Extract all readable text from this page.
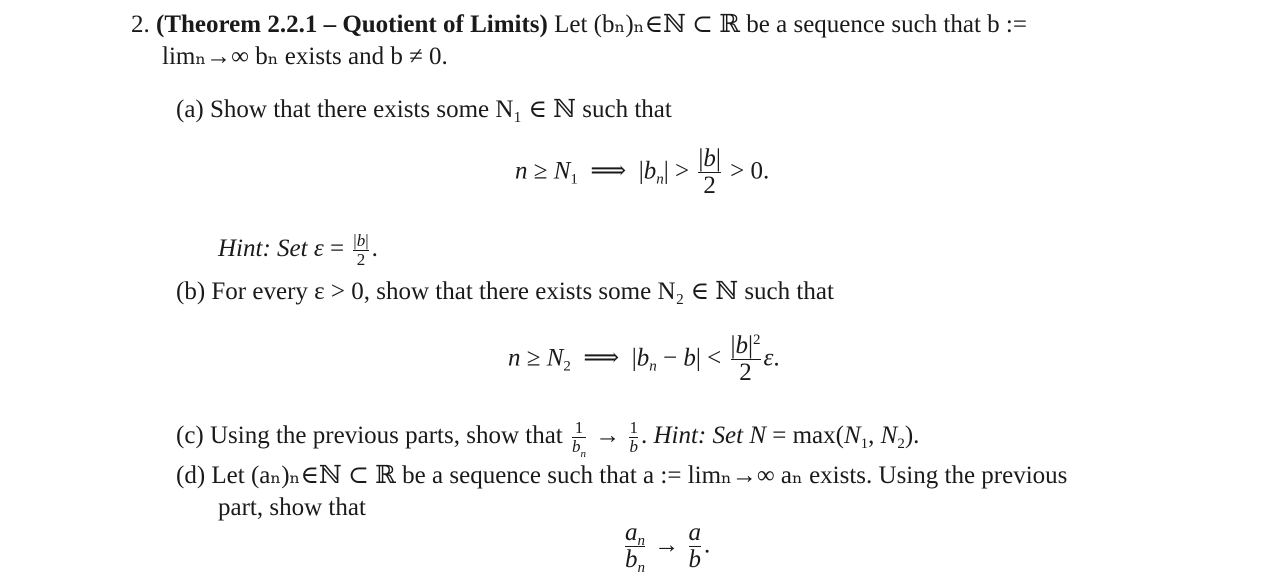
2. (Theorem 2.2.1 – Quotient of Limits) Let (bₙ)ₙ∈ℕ ⊂ ℝ be a sequence such that b :=
limₙ→∞ bₙ exists and b ≠ 0.
(a) Show that there exists some N₁ ∈ ℕ such that
$n \ge N_1$  ⟹  $|b_n| > \frac{|b|}{2} > 0$.
Hint: Set $\varepsilon = \frac{|b|}{2}$ .
(b) For every ε > 0, show that there exists some N₂ ∈ ℕ such that
$n \ge N_2$  ⟹  $|b_n - b| < \frac{|b|^2}{2} \varepsilon$.
(c) Using the previous parts, show that $\frac{1}{b_n} \to \frac{1}{b}$ . Hint: Set $N = \max(N_1$, $N_2$).
(d) Let (aₙ)ₙ∈ℕ ⊂ ℝ be a sequence such that a := limₙ→∞ aₙ exists. Using the previous
part, show that
$\frac{a_n}{b_n} \to \frac{a}{b}$ .
